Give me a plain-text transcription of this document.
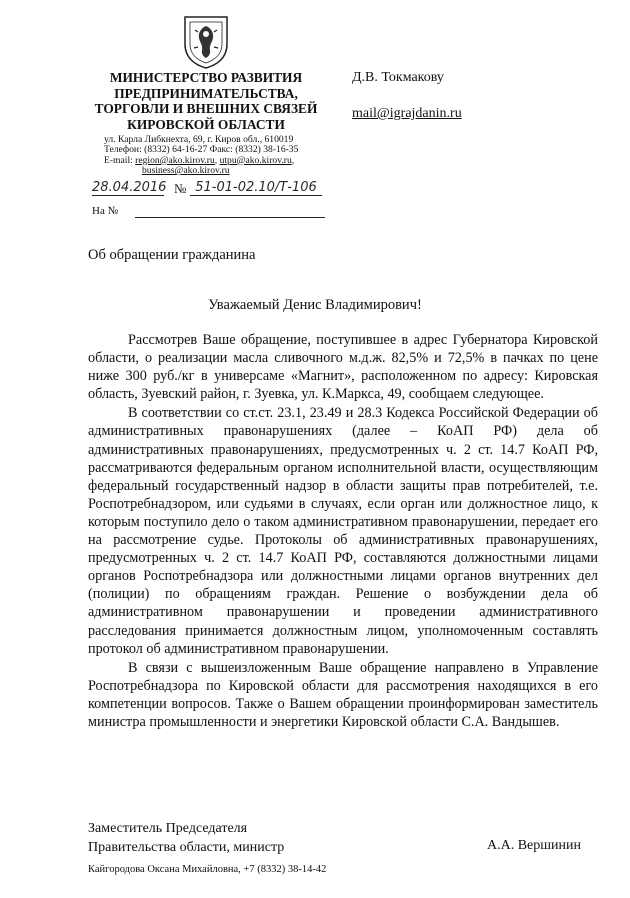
МИНИСТЕРСТВО РАЗВИТИЯ
ПРЕДПРИНИМАТЕЛЬСТВА,
ТОРГОВЛИ И ВНЕШНИХ СВЯЗЕЙ
КИРОВСКОЙ ОБЛАСТИ
ул. Карла Либкнехта, 69, г. Киров обл., 610019
Телефон: (8332) 64-16-27 Факс: (8332) 38-16-35
E-mail: region@ako.kirov.ru, utpu@ako.kirov.ru,
business@ako.kirov.ru
Д.В. Токмакову
mail@igrajdanin.ru
28.04.2016 № 51-01-02.10/Т-106
На №
Об обращении гражданина
Уважаемый Денис Владимирович!

Рассмотрев Ваше обращение, поступившее в адрес Губернатора Кировской области, о реализации масла сливочного м.д.ж. 82,5% и 72,5% в пачках по цене ниже 300 руб./кг в универсаме «Магнит», расположенном по адресу: Кировская область, Зуевский район, г. Зуевка, ул. К.Маркса, 49, сообщаем следующее.

В соответствии со ст.ст. 23.1, 23.49 и 28.3 Кодекса Российской Федерации об административных правонарушениях (далее – КоАП РФ) дела об административных правонарушениях, предусмотренных ч. 2 ст. 14.7 КоАП РФ, рассматриваются федеральным органом исполнительной власти, осуществляющим федеральный государственный надзор в области защиты прав потребителей, т.е. Роспотребнадзором, или судьями в случаях, если орган или должностное лицо, к которым поступило дело о таком административном правонарушении, передает его на рассмотрение судье. Протоколы об административных правонарушениях, предусмотренных ч. 2 ст. 14.7 КоАП РФ, составляются должностными лицами органов Роспотребнадзора или должностными лицами органов внутренних дел (полиции) по обращениям граждан. Решение о возбуждении дела об административном правонарушении и проведении административного расследования принимается должностным лицом, уполномоченным составлять протокол об административном правонарушении.

В связи с вышеизложенным Ваше обращение направлено в Управление Роспотребнадзора по Кировской области для рассмотрения находящихся в его компетенции вопросов. Также о Вашем обращении проинформирован заместитель министра промышленности и энергетики Кировской области С.А. Вандышев.

Заместитель Председателя
Правительства области, министр	А.А. Вершинин
Кайгородова Оксана Михайловна, +7 (8332) 38-14-42
